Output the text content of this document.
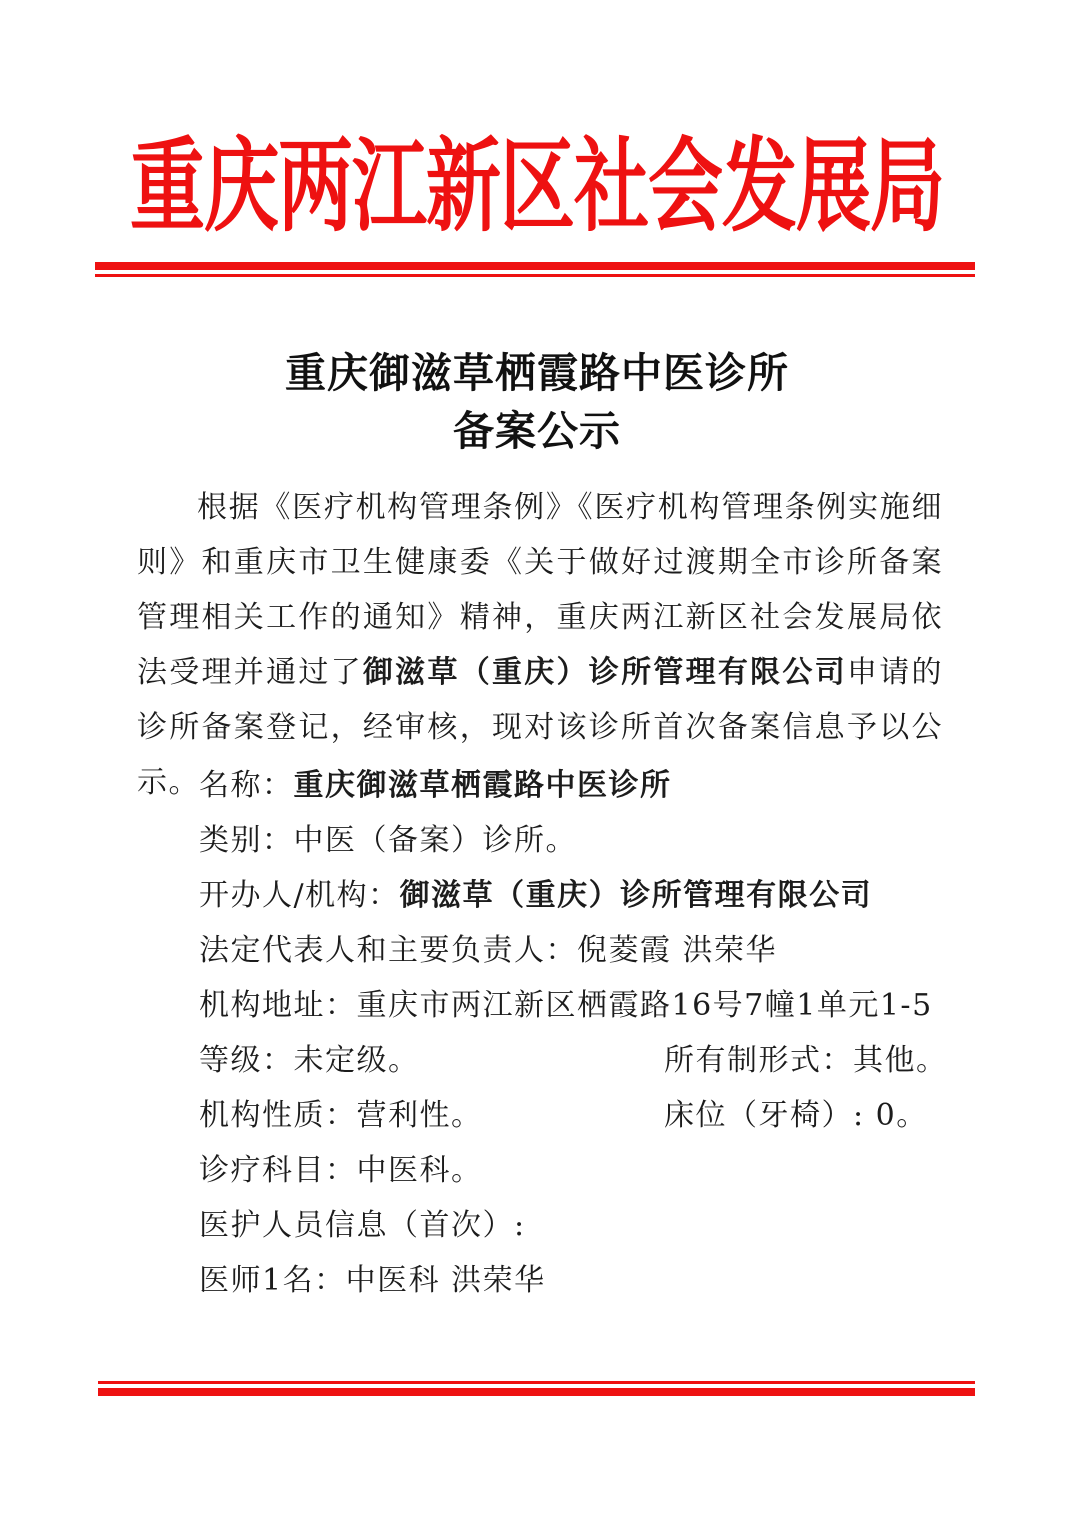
重庆两江新区社会发展局
重庆御滋草栖霞路中医诊所
备案公示
根据《医疗机构管理条例》《医疗机构管理条例实施细则》和重庆市卫生健康委《关于做好过渡期全市诊所备案管理相关工作的通知》精神，重庆两江新区社会发展局依法受理并通过了御滋草（重庆）诊所管理有限公司申请的诊所备案登记，经审核，现对该诊所首次备案信息予以公示。 名称：重庆御滋草栖霞路中医诊所
类别：中医（备案）诊所。
开办人/机构：御滋草（重庆）诊所管理有限公司
法定代表人和主要负责人：倪菱霞 洪荣华
机构地址：重庆市两江新区栖霞路16号7幢1单元1-5
等级：未定级。	所有制形式：其他。
机构性质：营利性。	床位（牙椅）: 0。
诊疗科目：中医科。
医护人员信息（首次）:
医师1名：中医科 洪荣华
